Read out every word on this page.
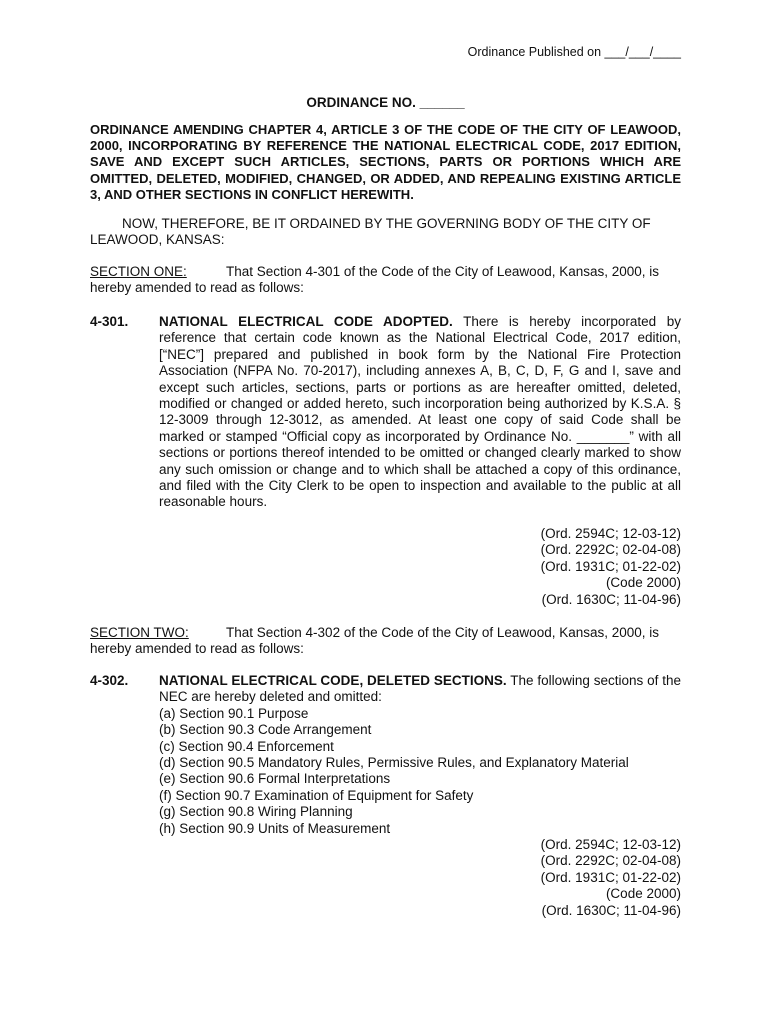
Ordinance Published on ___/___/____
ORDINANCE NO. ______
ORDINANCE AMENDING CHAPTER 4, ARTICLE 3 OF THE CODE OF THE CITY OF LEAWOOD, 2000, INCORPORATING BY REFERENCE THE NATIONAL ELECTRICAL CODE, 2017 EDITION, SAVE AND EXCEPT SUCH ARTICLES, SECTIONS, PARTS OR PORTIONS WHICH ARE OMITTED, DELETED, MODIFIED, CHANGED, OR ADDED, AND REPEALING EXISTING ARTICLE 3, AND OTHER SECTIONS IN CONFLICT HEREWITH.
NOW, THEREFORE, BE IT ORDAINED BY THE GOVERNING BODY OF THE CITY OF LEAWOOD, KANSAS:
SECTION ONE:	That Section 4-301 of the Code of the City of Leawood, Kansas, 2000, is hereby amended to read as follows:
4-301. NATIONAL ELECTRICAL CODE ADOPTED. There is hereby incorporated by reference that certain code known as the National Electrical Code, 2017 edition, [“NEC”] prepared and published in book form by the National Fire Protection Association (NFPA No. 70-2017), including annexes A, B, C, D, F, G and I, save and except such articles, sections, parts or portions as are hereafter omitted, deleted, modified or changed or added hereto, such incorporation being authorized by K.S.A. § 12-3009 through 12-3012, as amended. At least one copy of said Code shall be marked or stamped “Official copy as incorporated by Ordinance No. _______” with all sections or portions thereof intended to be omitted or changed clearly marked to show any such omission or change and to which shall be attached a copy of this ordinance, and filed with the City Clerk to be open to inspection and available to the public at all reasonable hours.
(Ord. 2594C; 12-03-12)
(Ord. 2292C; 02-04-08)
(Ord. 1931C; 01-22-02)
(Code 2000)
(Ord. 1630C; 11-04-96)
SECTION TWO:	That Section 4-302 of the Code of the City of Leawood, Kansas, 2000, is hereby amended to read as follows:
4-302. NATIONAL ELECTRICAL CODE, DELETED SECTIONS. The following sections of the NEC are hereby deleted and omitted:
(a) Section 90.1 Purpose
(b) Section 90.3 Code Arrangement
(c) Section 90.4 Enforcement
(d) Section 90.5 Mandatory Rules, Permissive Rules, and Explanatory Material
(e) Section 90.6 Formal Interpretations
(f) Section 90.7 Examination of Equipment for Safety
(g) Section 90.8 Wiring Planning
(h) Section 90.9 Units of Measurement
(Ord. 2594C; 12-03-12)
(Ord. 2292C; 02-04-08)
(Ord. 1931C; 01-22-02)
(Code 2000)
(Ord. 1630C; 11-04-96)
